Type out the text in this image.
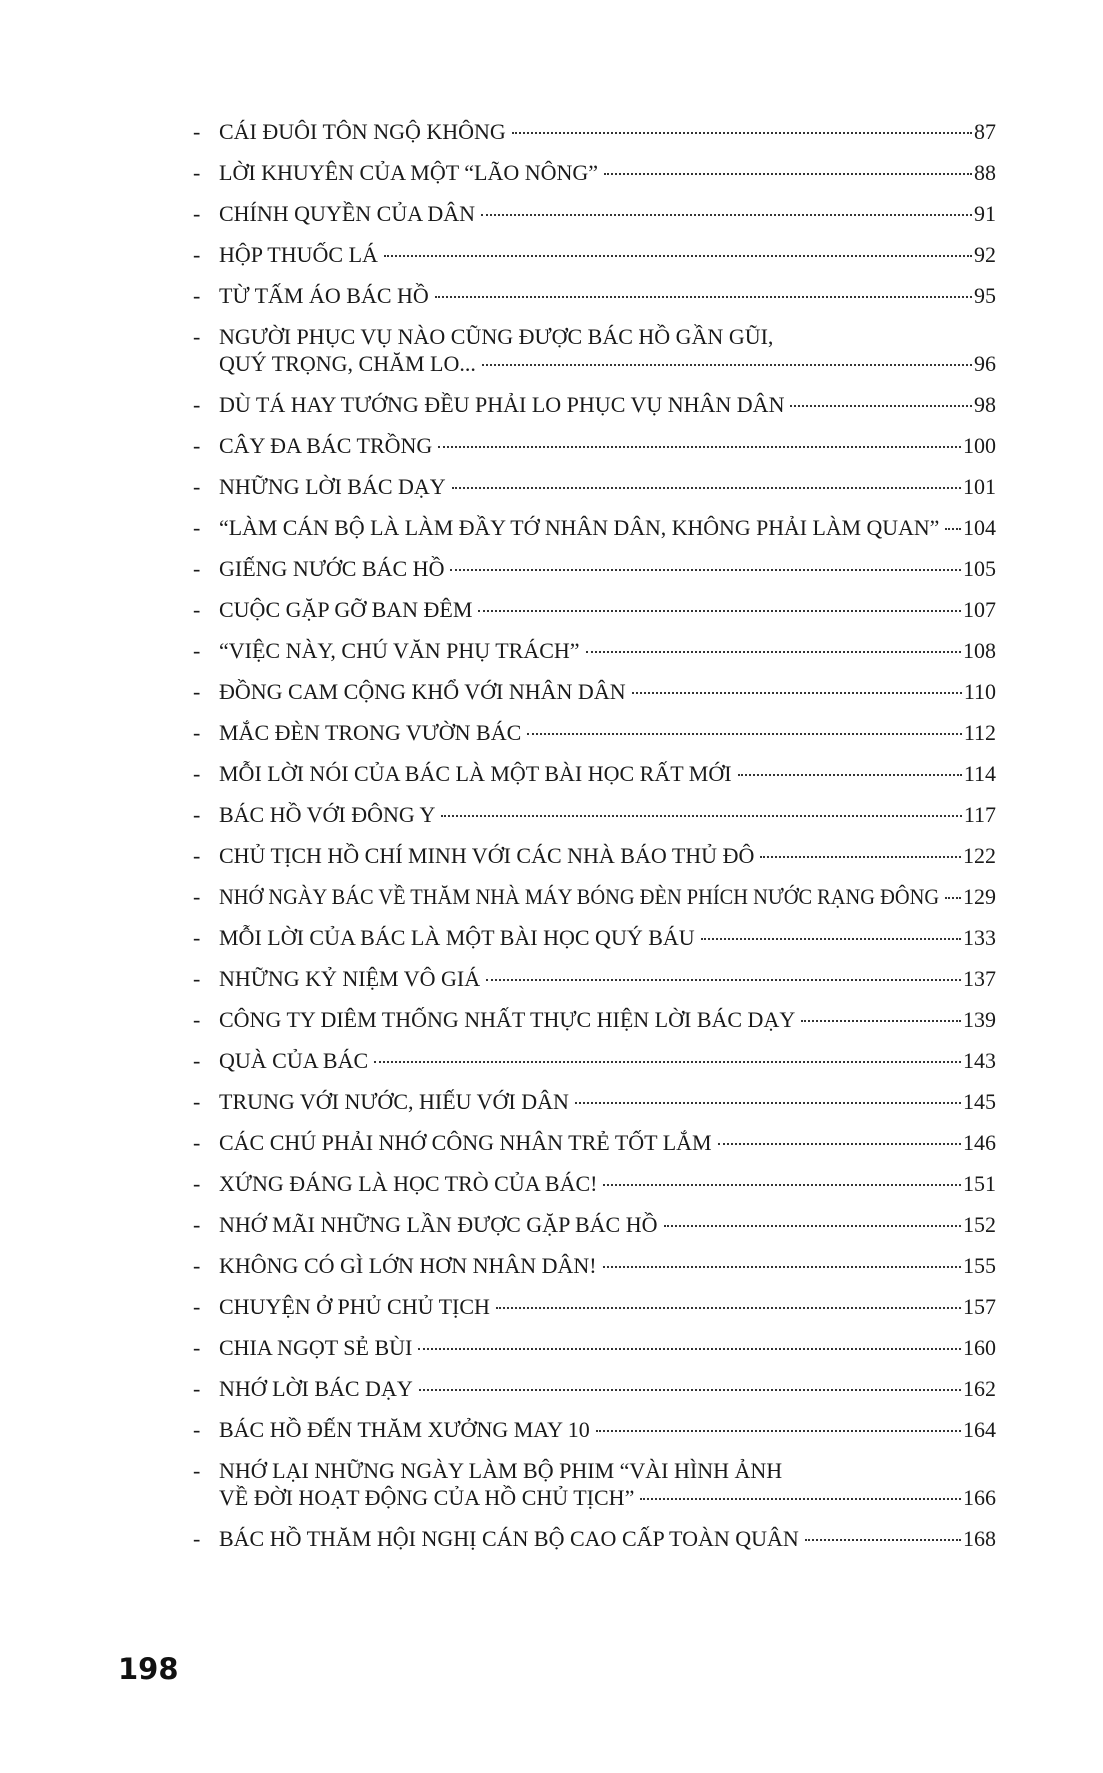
- CÁI ĐUÔI TÔN NGỘ KHÔNG	87
- LỜI KHUYÊN CỦA MỘT “LÃO NÔNG”	88
- CHÍNH QUYỀN CỦA DÂN	91
- HỘP THUỐC LÁ	92
- TỪ TẤM ÁO BÁC HỒ	95
- NGƯỜI PHỤC VỤ NÀO CŨNG ĐƯỢC BÁC HỒ GẦN GŨI,
QUÝ TRỌNG, CHĂM LO...	96
- DÙ TÁ HAY TƯỚNG ĐỀU PHẢI LO PHỤC VỤ NHÂN DÂN	98
- CÂY ĐA BÁC TRỒNG	100
- NHỮNG LỜI BÁC DẠY	101
- “LÀM CÁN BỘ LÀ LÀM ĐẦY TỚ NHÂN DÂN, KHÔNG PHẢI LÀM QUAN” 104
- GIẾNG NƯỚC BÁC HỒ	105
- CUỘC GẶP GỠ BAN ĐÊM	107
- “VIỆC NÀY, CHÚ VĂN PHỤ TRÁCH”	108
- ĐỒNG CAM CỘNG KHỔ VỚI NHÂN DÂN	110
- MẮC ĐÈN TRONG VƯỜN BÁC	112
- MỖI LỜI NÓI CỦA BÁC LÀ MỘT BÀI HỌC RẤT MỚI	114
- BÁC HỒ VỚI ĐÔNG Y	117
- CHỦ TỊCH HỒ CHÍ MINH VỚI CÁC NHÀ BÁO THỦ ĐÔ	122
- NHỚ NGÀY BÁC VỀ THĂM NHÀ MÁY BÓNG ĐÈN PHÍCH NƯỚC RẠNG ĐÔNG 129
- MỖI LỜI CỦA BÁC LÀ MỘT BÀI HỌC QUÝ BÁU	133
- NHỮNG KỶ NIỆM VÔ GIÁ	137
- CÔNG TY DIÊM THỐNG NHẤT THỰC HIỆN LỜI BÁC DẠY	139
- QUÀ CỦA BÁC	143
- TRUNG VỚI NƯỚC, HIẾU VỚI DÂN	145
- CÁC CHÚ PHẢI NHỚ CÔNG NHÂN TRẺ TỐT LẮM	146
- XỨNG ĐÁNG LÀ HỌC TRÒ CỦA BÁC!	151
- NHỚ MÃI NHỮNG LẦN ĐƯỢC GẶP BÁC HỒ	152
- KHÔNG CÓ GÌ LỚN HƠN NHÂN DÂN!	155
- CHUYỆN Ở PHỦ CHỦ TỊCH	157
- CHIA NGỌT SẺ BÙI	160
- NHỚ LỜI BÁC DẠY	162
- BÁC HỒ ĐẾN THĂM XƯỞNG MAY 10	164
- NHỚ LẠI NHỮNG NGÀY LÀM BỘ PHIM “VÀI HÌNH ẢNH
VỀ ĐỜI HOẠT ĐỘNG CỦA HỒ CHỦ TỊCH”	166
- BÁC HỒ THĂM HỘI NGHỊ CÁN BỘ CAO CẤP TOÀN QUÂN	168
198
